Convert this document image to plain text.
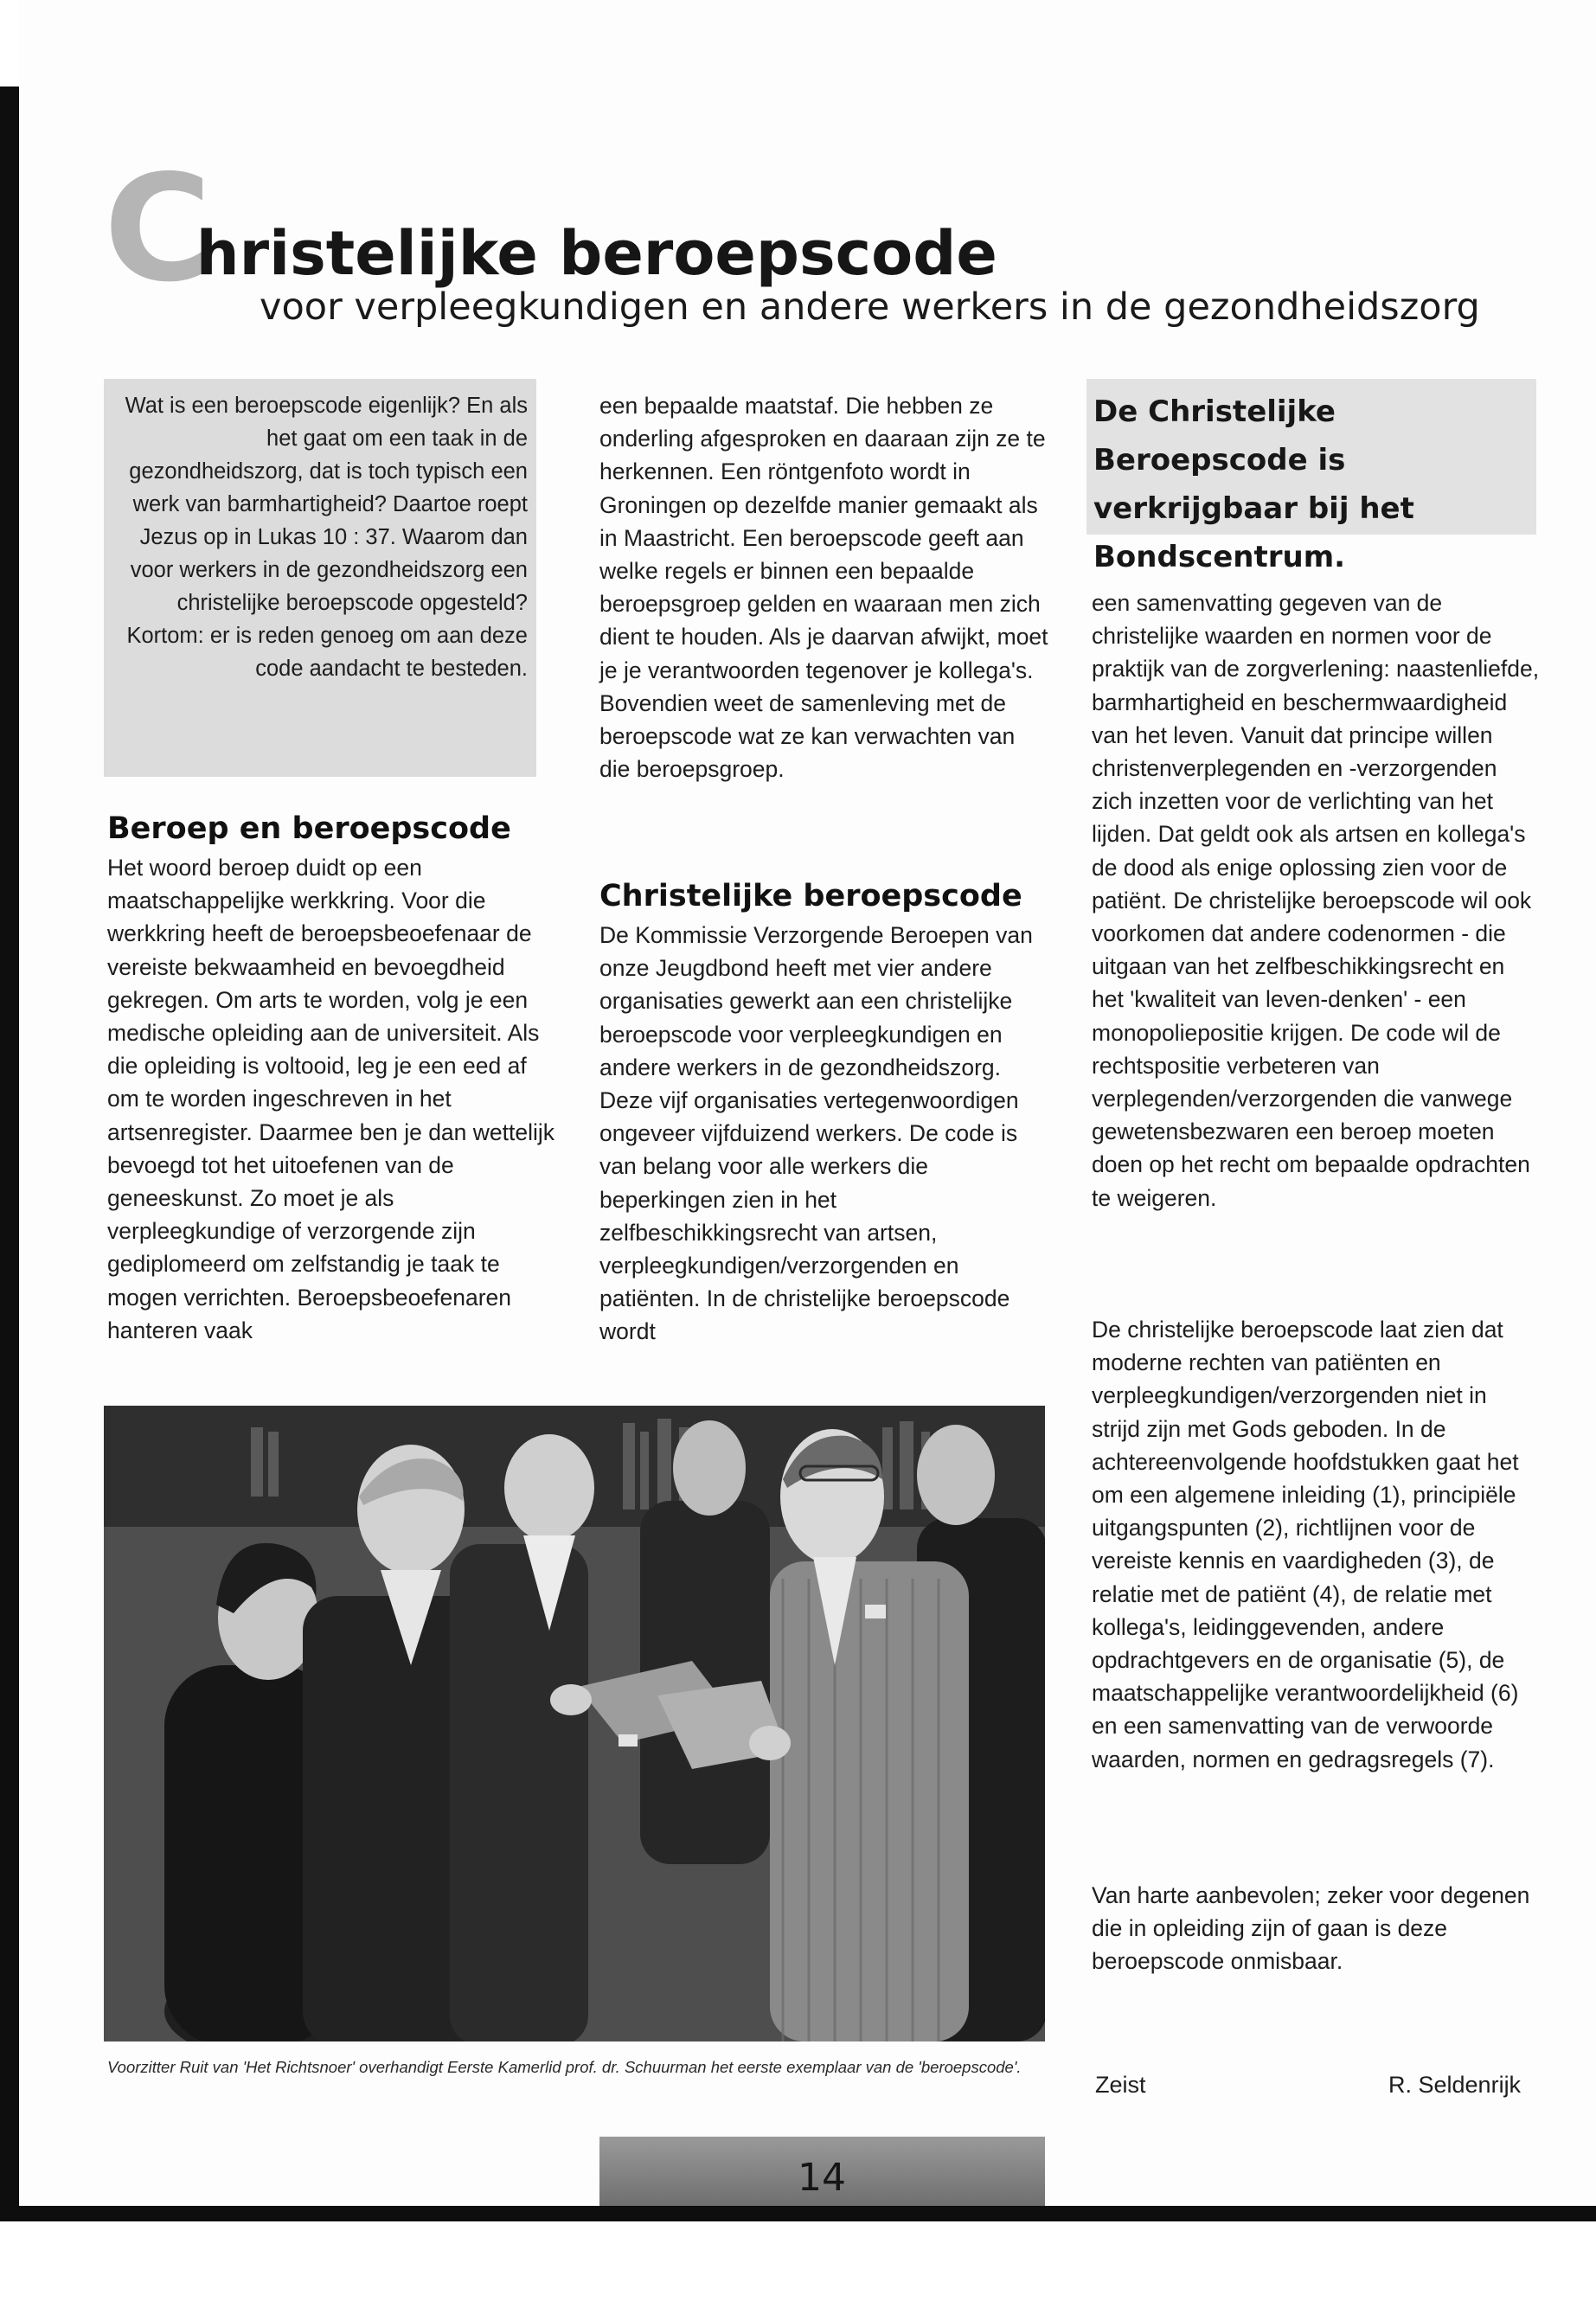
Christelijke beroepscode
voor verpleegkundigen en andere werkers in de gezondheidszorg

Wat is een beroepscode eigenlijk? En als het gaat om een taak in de gezondheidszorg, dat is toch typisch een werk van barmhartigheid? Daartoe roept Jezus op in Lukas 10 : 37. Waarom dan voor werkers in de gezondheidszorg een christelijke beroepscode opgesteld? Kortom: er is reden genoeg om aan deze code aandacht te besteden.

Beroep en beroepscode

Het woord beroep duidt op een maatschappelijke werkkring. Voor die werkkring heeft de beroepsbeoefenaar de vereiste bekwaamheid en bevoegdheid gekregen. Om arts te worden, volg je een medische opleiding aan de universiteit. Als die opleiding is voltooid, leg je een eed af om te worden ingeschreven in het artsenregister. Daarmee ben je dan wettelijk bevoegd tot het uitoefenen van de geneeskunst. Zo moet je als verpleegkundige of verzorgende zijn gediplomeerd om zelfstandig je taak te mogen verrichten. Beroepsbeoefenaren hanteren vaak

een bepaalde maatstaf. Die hebben ze onderling afgesproken en daaraan zijn ze te herkennen. Een röntgenfoto wordt in Groningen op dezelfde manier gemaakt als in Maastricht. Een beroepscode geeft aan welke regels er binnen een bepaalde beroepsgroep gelden en waaraan men zich dient te houden. Als je daarvan afwijkt, moet je je verantwoorden tegenover je kollega's. Bovendien weet de samenleving met de beroepscode wat ze kan verwachten van die beroepsgroep.

Christelijke beroepscode

De Kommissie Verzorgende Beroepen van onze Jeugdbond heeft met vier andere organisaties gewerkt aan een christelijke beroepscode voor verpleegkundigen en andere werkers in de gezondheidszorg. Deze vijf organisaties vertegenwoordigen ongeveer vijfduizend werkers. De code is van belang voor alle werkers die beperkingen zien in het zelfbeschikkingsrecht van artsen, verpleegkundigen/verzorgenden en patiënten. In de christelijke beroepscode wordt

De Christelijke Beroepscode is verkrijgbaar bij het Bondscentrum.

een samenvatting gegeven van de christelijke waarden en normen voor de praktijk van de zorgverlening: naastenliefde, barmhartigheid en beschermwaardigheid van het leven. Vanuit dat principe willen christenverplegenden en -verzorgenden zich inzetten voor de verlichting van het lijden. Dat geldt ook als artsen en kollega's de dood als enige oplossing zien voor de patiënt. De christelijke beroepscode wil ook voorkomen dat andere codenormen - die uitgaan van het zelfbeschikkingsrecht en het 'kwaliteit van leven-denken' - een monopoliepositie krijgen. De code wil de rechtspositie verbeteren van verplegenden/verzorgenden die vanwege gewetensbezwaren een beroep moeten doen op het recht om bepaalde opdrachten te weigeren.

De christelijke beroepscode laat zien dat moderne rechten van patiënten en verpleegkundigen/verzorgenden niet in strijd zijn met Gods geboden. In de achtereenvolgende hoofdstukken gaat het om een algemene inleiding (1), principiële uitgangspunten (2), richtlijnen voor de vereiste kennis en vaardigheden (3), de relatie met de patiënt (4), de relatie met kollega's, leidinggevenden, andere opdrachtgevers en de organisatie (5), de maatschappelijke verantwoordelijkheid (6) en een samenvatting van de verwoorde waarden, normen en gedragsregels (7).

Van harte aanbevolen; zeker voor degenen die in opleiding zijn of gaan is deze beroepscode onmisbaar.

Voorzitter Ruit van 'Het Richtsnoer' overhandigt Eerste Kamerlid prof. dr. Schuurman het eerste exemplaar van de 'beroepscode'.

Zeist	R. Seldenrijk
14
